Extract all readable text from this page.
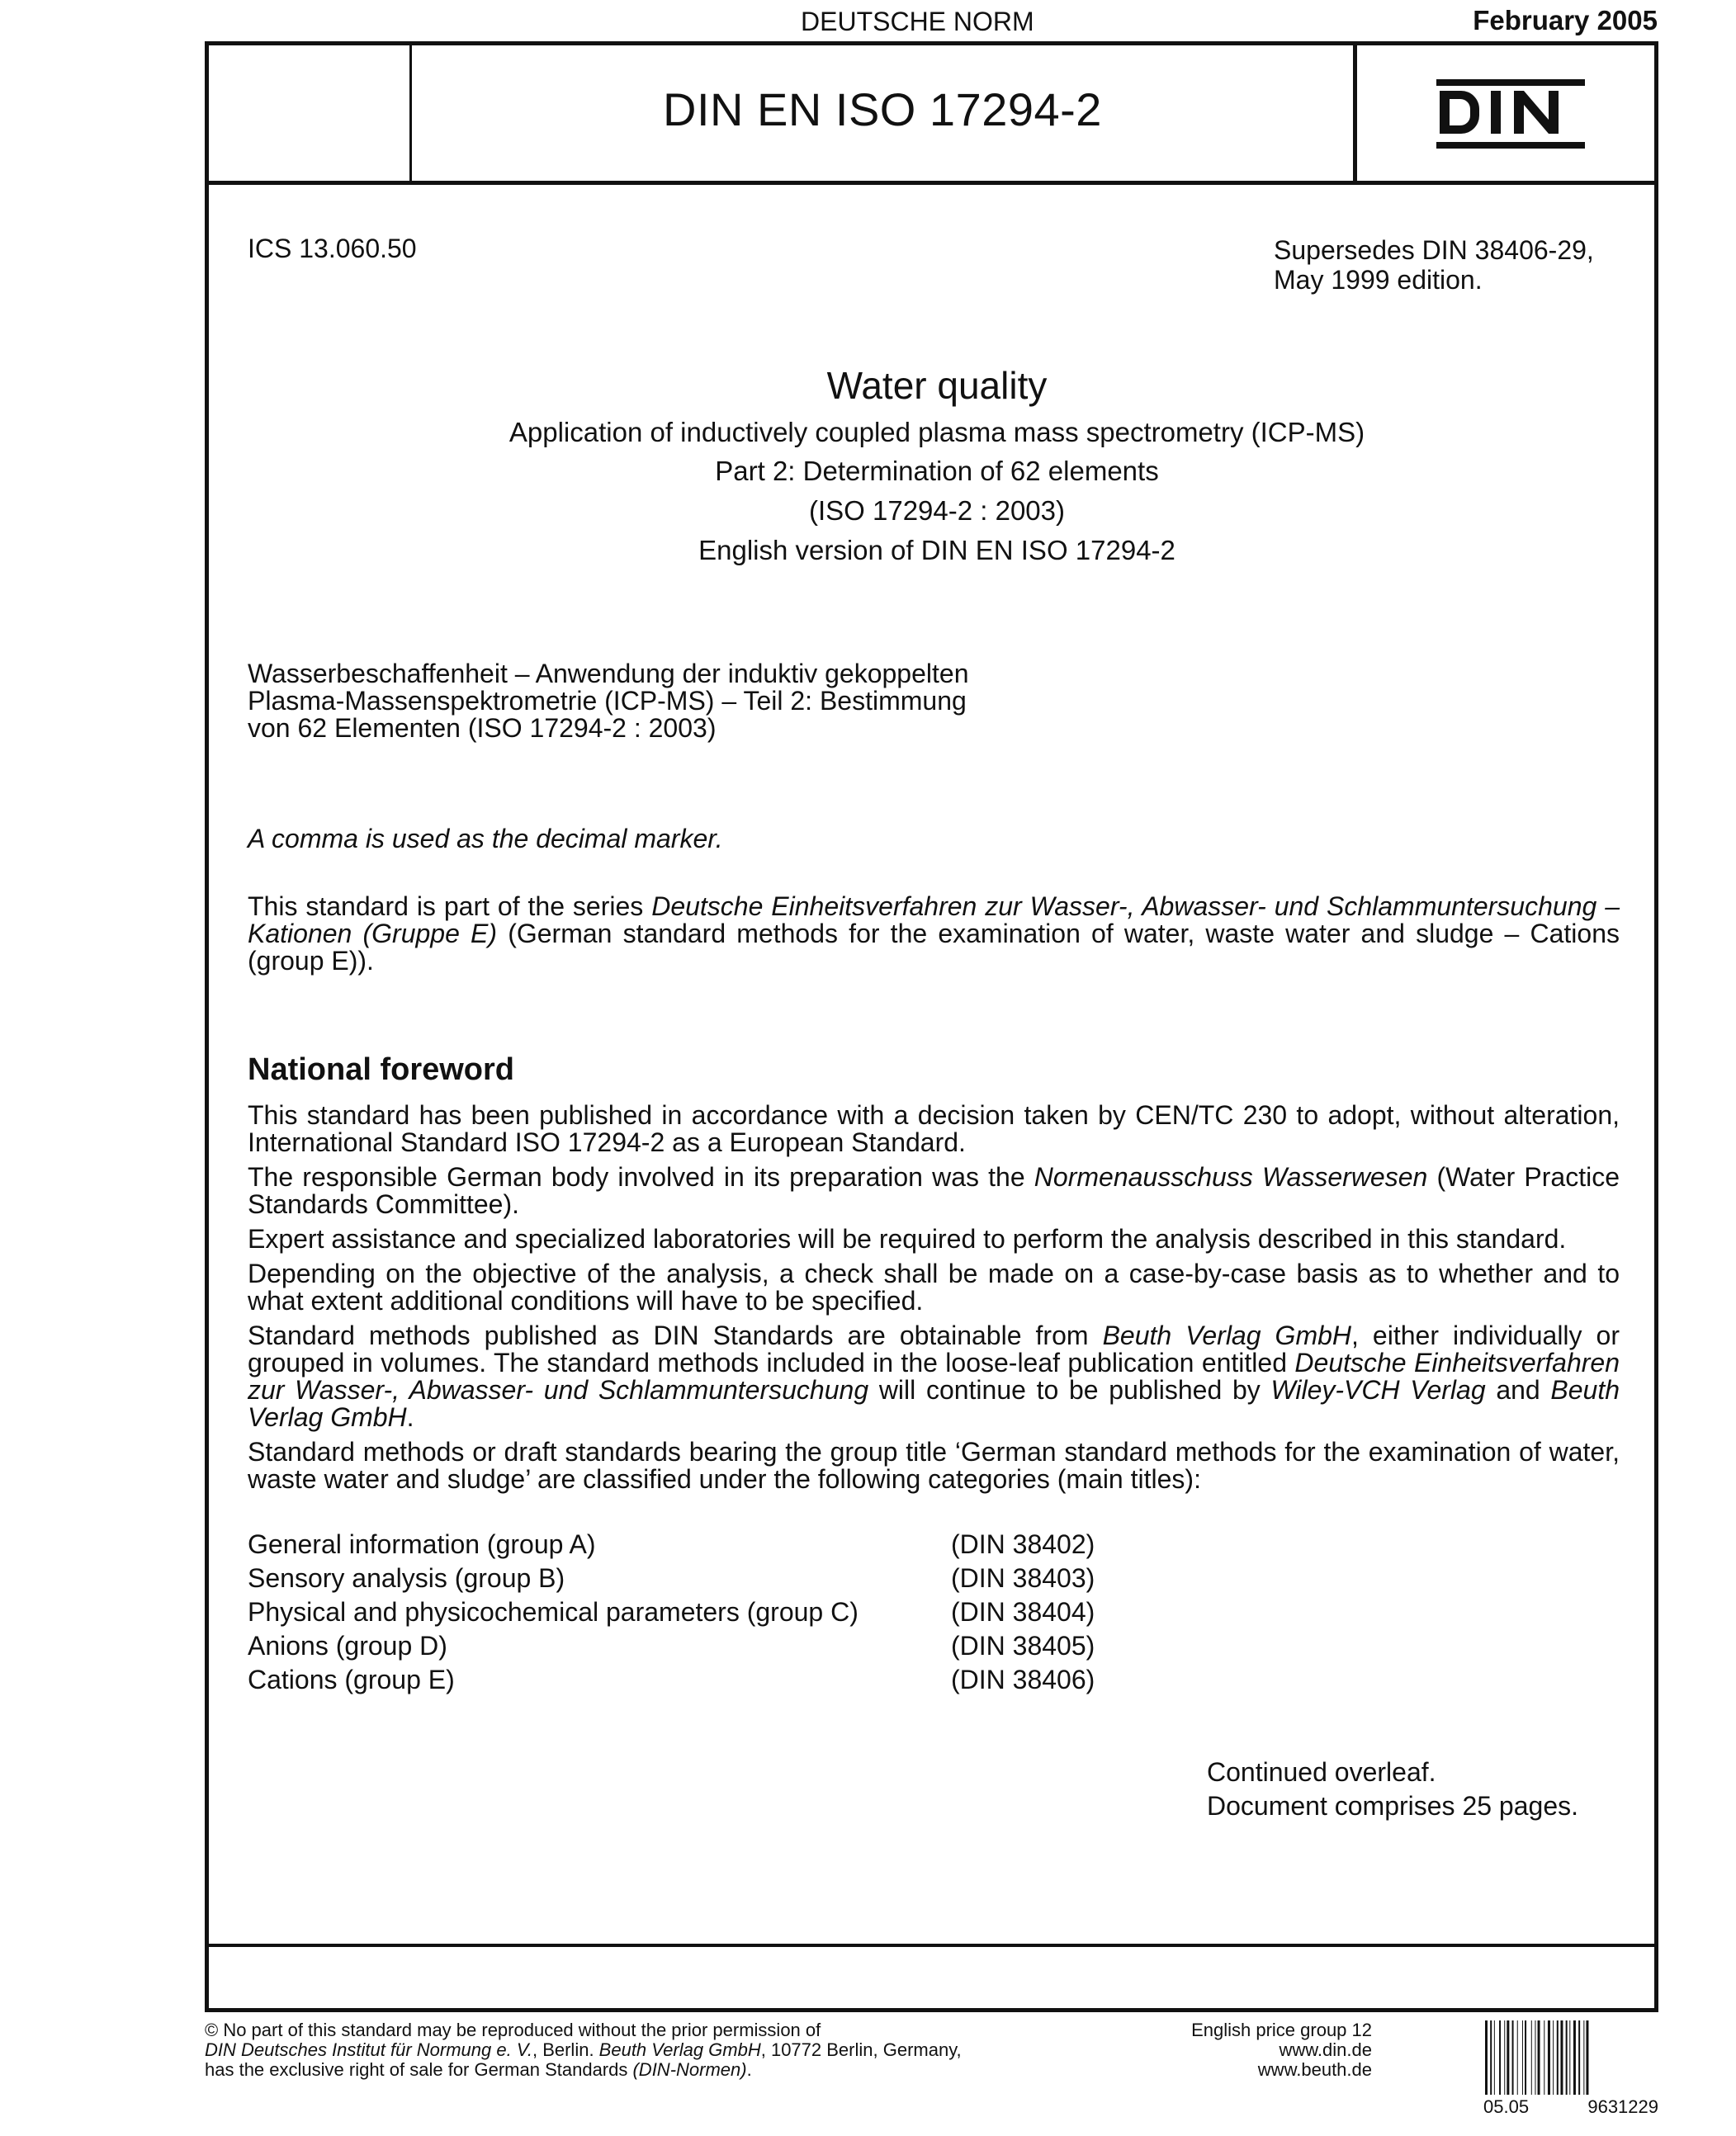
DEUTSCHE NORM	February 2005
DIN EN ISO 17294-2
ICS 13.060.50	Supersedes DIN 38406-29,
May 1999 edition.
Water quality
Application of inductively coupled plasma mass spectrometry (ICP-MS)
Part 2: Determination of 62 elements
(ISO 17294-2 : 2003)
English version of DIN EN ISO 17294-2
Wasserbeschaffenheit – Anwendung der induktiv gekoppelten
Plasma-Massenspektrometrie (ICP-MS) – Teil 2: Bestimmung
von 62 Elementen (ISO 17294-2 : 2003)
A comma is used as the decimal marker.
This standard is part of the series Deutsche Einheitsverfahren zur Wasser-, Abwasser- und Schlammuntersuchung – Kationen (Gruppe E) (German standard methods for the examination of water, waste water and sludge – Cations (group E)).
National foreword

This standard has been published in accordance with a decision taken by CEN/TC 230 to adopt, without alteration, International Standard ISO 17294-2 as a European Standard.

The responsible German body involved in its preparation was the Normenausschuss Wasserwesen (Water Practice Standards Committee).

Expert assistance and specialized laboratories will be required to perform the analysis described in this standard.

Depending on the objective of the analysis, a check shall be made on a case-by-case basis as to whether and to what extent additional conditions will have to be specified.

Standard methods published as DIN Standards are obtainable from Beuth Verlag GmbH, either individually or grouped in volumes. The standard methods included in the loose-leaf publication entitled Deutsche Einheitsverfahren zur Wasser-, Abwasser- und Schlammuntersuchung will continue to be published by Wiley-VCH Verlag and Beuth Verlag GmbH.

Standard methods or draft standards bearing the group title ‘German standard methods for the examination of water, waste water and sludge’ are classified under the following categories (main titles):

General information (group A)	(DIN 38402)
Sensory analysis (group B)	(DIN 38403)
Physical and physicochemical parameters (group C)	(DIN 38404)
Anions (group D)	(DIN 38405)
Cations (group E)	(DIN 38406)
Continued overleaf.
Document comprises 25 pages.
© No part of this standard may be reproduced without the prior permission of
DIN Deutsches Institut für Normung e. V., Berlin. Beuth Verlag GmbH, 10772 Berlin, Germany,
has the exclusive right of sale for German Standards (DIN-Normen).
English price group 12
www.din.de
www.beuth.de
05.05	9631229
